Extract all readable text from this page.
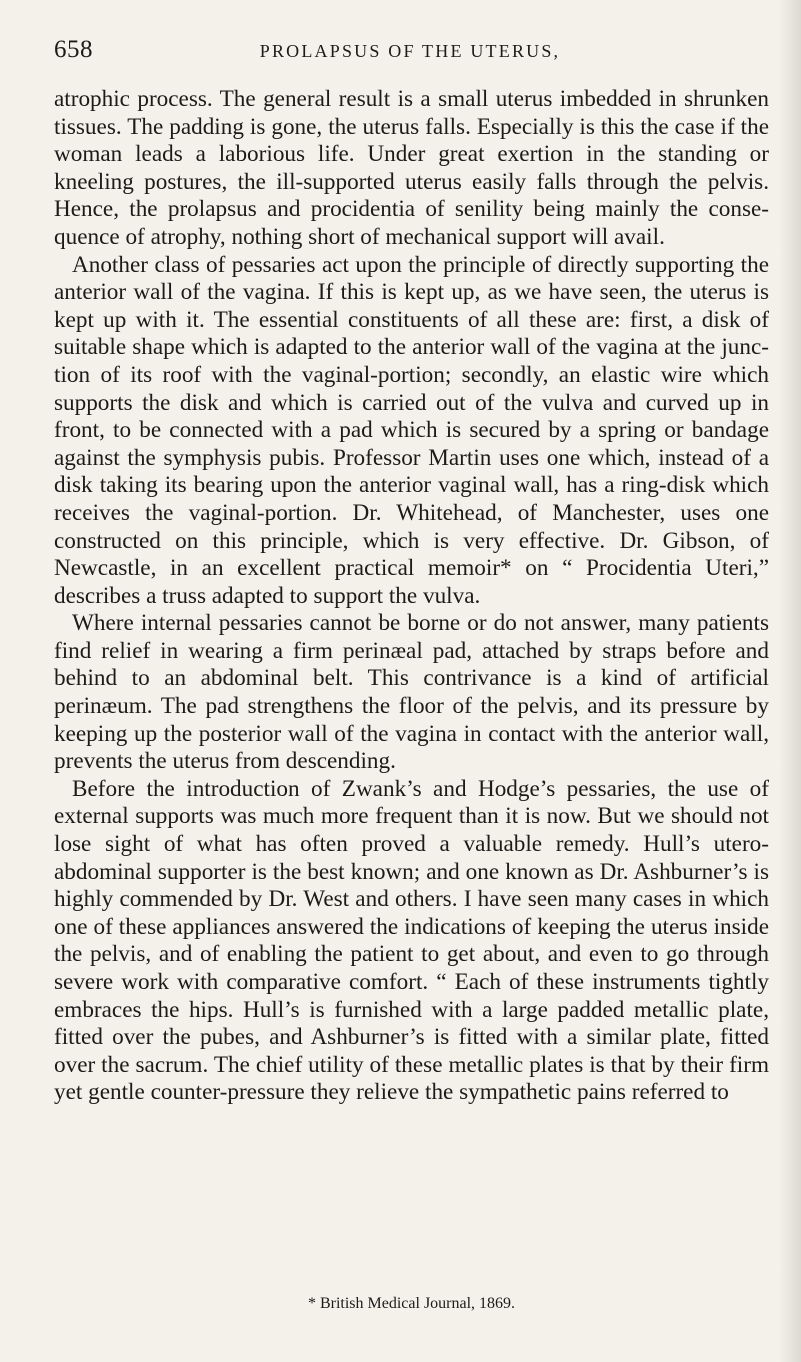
658	PROLAPSUS OF THE UTERUS,

atrophic process. The general result is a small uterus imbedded in shrunken tissues. The padding is gone, the uterus falls. Especially is this the case if the woman leads a laborious life. Under great exertion in the standing or kneeling postures, the ill-supported uterus easily falls through the pelvis. Hence, the prolapsus and procidentia of senility being mainly the consequence of atrophy, nothing short of mechanical support will avail.

Another class of pessaries act upon the principle of directly supporting the anterior wall of the vagina. If this is kept up, as we have seen, the uterus is kept up with it. The essential constituents of all these are: first, a disk of suitable shape which is adapted to the anterior wall of the vagina at the junction of its roof with the vaginal-portion; secondly, an elastic wire which supports the disk and which is carried out of the vulva and curved up in front, to be connected with a pad which is secured by a spring or bandage against the symphysis pubis. Professor Martin uses one which, instead of a disk taking its bearing upon the anterior vaginal wall, has a ring-disk which receives the vaginal-portion. Dr. Whitehead, of Manchester, uses one constructed on this principle, which is very effective. Dr. Gibson, of Newcastle, in an excellent practical memoir* on “ Procidentia Uteri,” describes a truss adapted to support the vulva.

Where internal pessaries cannot be borne or do not answer, many patients find relief in wearing a firm perinæal pad, attached by straps before and behind to an abdominal belt. This contrivance is a kind of artificial perinæum. The pad strengthens the floor of the pelvis, and its pressure by keeping up the posterior wall of the vagina in contact with the anterior wall, prevents the uterus from descending.

Before the introduction of Zwank’s and Hodge’s pessaries, the use of external supports was much more frequent than it is now. But we should not lose sight of what has often proved a valuable remedy. Hull’s utero-abdominal supporter is the best known; and one known as Dr. Ashburner’s is highly commended by Dr. West and others. I have seen many cases in which one of these appliances answered the indications of keeping the uterus inside the pelvis, and of enabling the patient to get about, and even to go through severe work with comparative comfort. “ Each of these instruments tightly embraces the hips. Hull’s is furnished with a large padded metallic plate, fitted over the pubes, and Ashburner’s is fitted with a similar plate, fitted over the sacrum. The chief utility of these metallic plates is that by their firm yet gentle counter-pressure they relieve the sympathetic pains referred to

* British Medical Journal, 1869.
